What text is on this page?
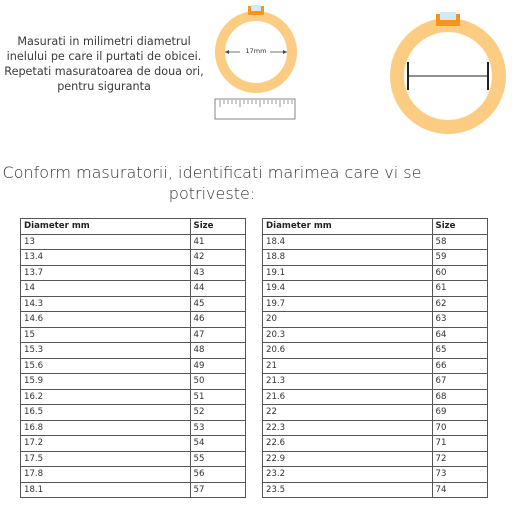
Masurati in milimetri diametrul
inelului pe care il purtati de obicei.
Repetati masuratoarea de doua ori,
pentru siguranta
17mm
Conform masuratorii, identificati marimea care vi se
potriveste:
Diameter mm	Size
13	41
13.4	42
13.7	43
14	44
14.3	45
14.6	46
15	47
15.3	48
15.6	49
15.9	50
16.2	51
16.5	52
16.8	53
17.2	54
17.5	55
17.8	56
18.1	57
Diameter mm	Size
18.4	58
18.8	59
19.1	60
19.4	61
19.7	62
20	63
20.3	64
20.6	65
21	66
21.3	67
21.6	68
22	69
22.3	70
22.6	71
22.9	72
23.2	73
23.5	74
